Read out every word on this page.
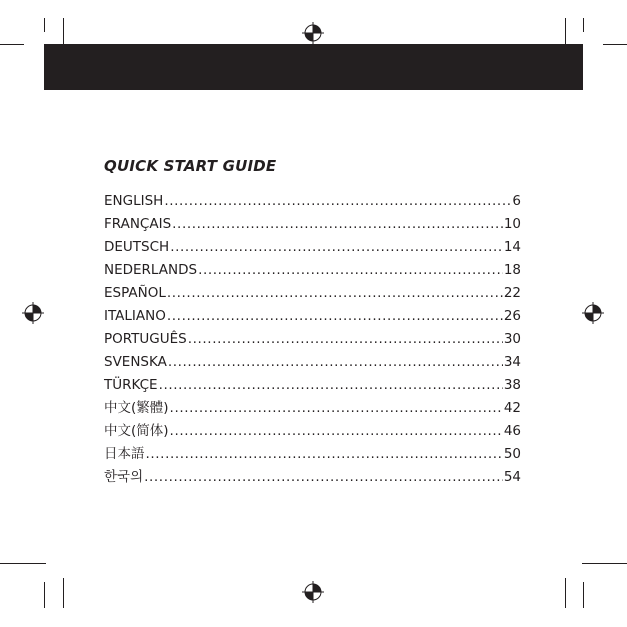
QUICK START GUIDE
ENGLISH .....	6
FRANÇAIS .....	10
DEUTSCH .....	14
NEDERLANDS .....	18
ESPAÑOL .....	22
ITALIANO .....	26
PORTUGUÊS .....	30
SVENSKA .....	34
TÜRKÇE .....	38
中文(繁體) .....	42
中文(简体) .....	46
日本語 .....	50
한국의 .....	54
